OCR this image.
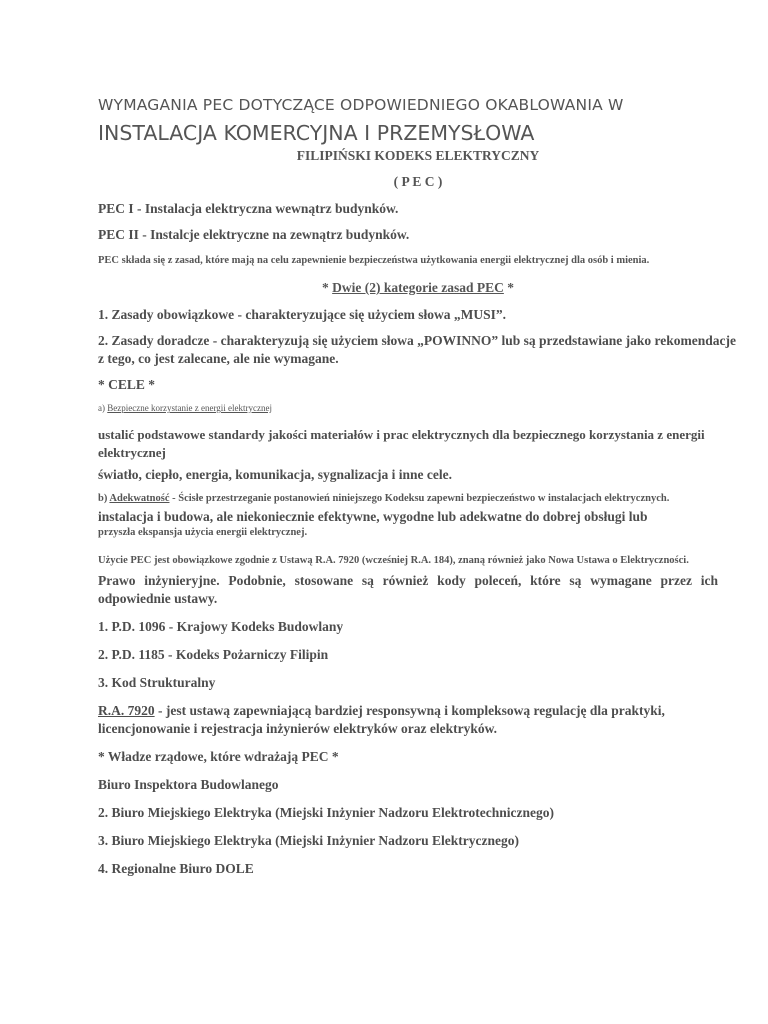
WYMAGANIA PEC DOTYCZĄCE ODPOWIEDNIEGO OKABLOWANIA W
INSTALACJA KOMERCYJNA I PRZEMYSŁOWA
FILIPIŃSKI KODEKS ELEKTRYCZNY
( P E C )

PEC I - Instalacja elektryczna wewnątrz budynków.

PEC II - Instalcje elektryczne na zewnątrz budynków.

PEC składa się z zasad, które mają na celu zapewnienie bezpieczeństwa użytkowania energii elektrycznej dla osób i mienia.

* Dwie (2) kategorie zasad PEC *

1. Zasady obowiązkowe - charakteryzujące się użyciem słowa „MUSI”.

2. Zasady doradcze - charakteryzują się użyciem słowa „POWINNO” lub są przedstawiane jako rekomendacje

z tego, co jest zalecane, ale nie wymagane.

* CELE *

a) Bezpieczne korzystanie z energii elektrycznej

ustalić podstawowe standardy jakości materiałów i prac elektrycznych dla bezpiecznego korzystania z energii elektrycznej

światło, ciepło, energia, komunikacja, sygnalizacja i inne cele.

b) Adekwatność - Ścisłe przestrzeganie postanowień niniejszego Kodeksu zapewni bezpieczeństwo w instalacjach elektrycznych.

instalacja i budowa, ale niekoniecznie efektywne, wygodne lub adekwatne do dobrej obsługi lub

przyszła ekspansja użycia energii elektrycznej.

Użycie PEC jest obowiązkowe zgodnie z Ustawą R.A. 7920 (wcześniej R.A. 184), znaną również jako Nowa Ustawa o Elektryczności.

Prawo inżynieryjne. Podobnie, stosowane są również kody poleceń, które są wymagane przez ich odpowiednie ustawy.

1. P.D. 1096 - Krajowy Kodeks Budowlany

2. P.D. 1185 - Kodeks Pożarniczy Filipin

3. Kod Strukturalny

R.A. 7920 - jest ustawą zapewniającą bardziej responsywną i kompleksową regulację dla praktyki,
licencjonowanie i rejestracja inżynierów elektryków oraz elektryków.

* Władze rządowe, które wdrażają PEC *

Biuro Inspektora Budowlanego

2. Biuro Miejskiego Elektryka (Miejski Inżynier Nadzoru Elektrotechnicznego)

3. Biuro Miejskiego Elektryka (Miejski Inżynier Nadzoru Elektrycznego)

4. Regionalne Biuro DOLE
